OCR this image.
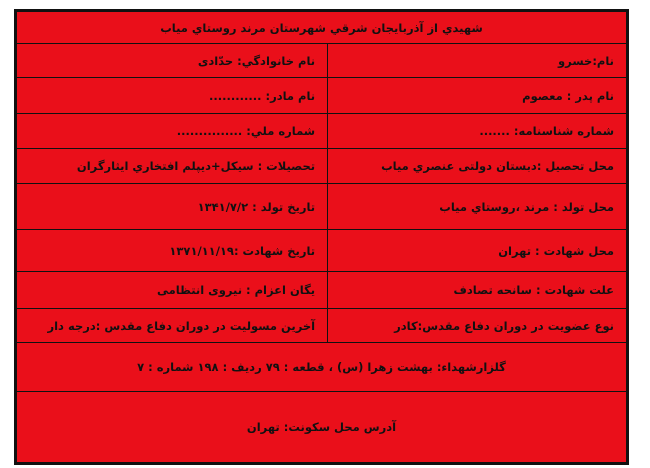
شهيدي از آذربايجان شرقي شهرستان مرند روستاي مياب	
نام:خسرو	نام خانوادگي: حدّادی
نام پدر : معصوم	نام مادر: ............
شماره شناسنامه: .......	شماره ملي: ...............
محل تحصيل :دبستان دولتی عنصري مياب	تحصيلات : سيكل+ديپلم افتخاري ايثارگران
محل تولد : مرند ،روستاي مياب	تاريخ تولد : ۱۳۴۱/۷/۲
محل شهادت : تهران	تاريخ شهادت :۱۳۷۱/۱۱/۱۹
علت شهادت : سانحه تصادف	يگان اعزام : نيروی انتظامی
نوع عضويت در دوران دفاع مقدس:كادر	آخرين مسوليت در دوران دفاع مقدس :درجه دار
گلزارشهداء: بهشت زهرا (س) ، قطعه : ۷۹ رديف : ۱۹۸ شماره : ۷	
آدرس محل سكونت: تهران	
